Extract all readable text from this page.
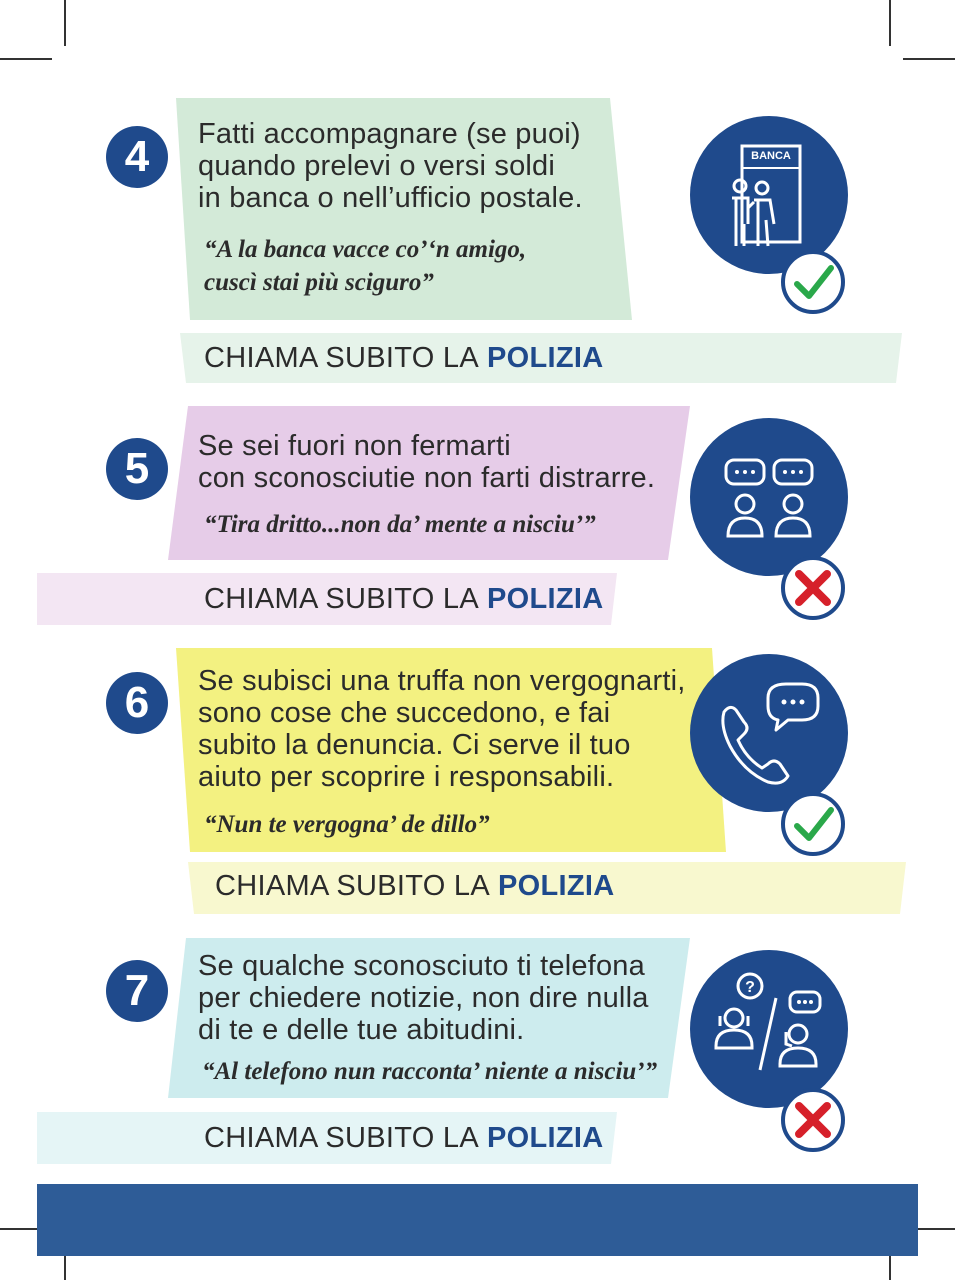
4	Fatti accompagnare (se puoi)
quando prelevi o versi soldi
in banca o nell’ufficio postale.
“A la banca vacce co’‘n amigo,
cuscì stai più sciguro”
BANCA
CHIAMA SUBITO LA POLIZIA
5	Se sei fuori non fermarti
con sconosciutie non farti distrarre.
“Tira dritto...non da’ mente a nisciu’”
CHIAMA SUBITO LA POLIZIA
6	Se subisci una truffa non vergognarti,
sono cose che succedono, e fai
subito la denuncia. Ci serve il tuo
aiuto per scoprire i responsabili.
“Nun te vergogna’ de dillo”
CHIAMA SUBITO LA POLIZIA
7	Se qualche sconosciuto ti telefona
per chiedere notizie, non dire nulla
di te e delle tue abitudini.
“Al telefono nun racconta’ niente a nisciu’”
?
CHIAMA SUBITO LA POLIZIA
